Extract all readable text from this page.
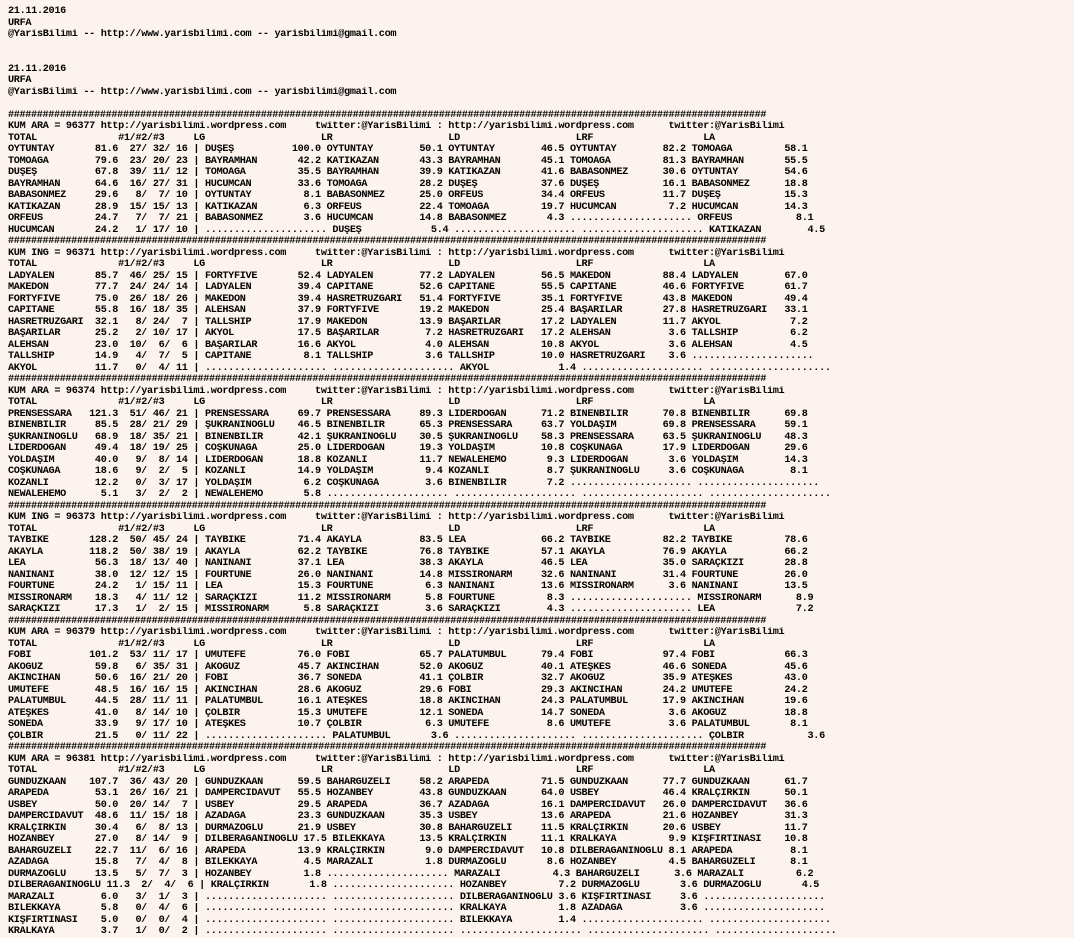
21.11.2016
URFA
@YarisBilimi -- http://www.yarisbilimi.com -- yarisbilimi@gmail.com
21.11.2016
URFA
@YarisBilimi -- http://www.yarisbilimi.com -- yarisbilimi@gmail.com
####################################################################################################################################
KUM ARA = 96377 http://yarisbilimi.wordpress.com     twitter:@YarisBilimi : http://yarisbilimi.wordpress.com      twitter:@YarisBilimi
TOTAL              #1/#2/#3     LG                    LR                    LD                    LRF                   LA
OYTUNTAY       81.6  27/ 32/ 16 | DUŞEŞ          100.0 OYTUNTAY        50.1 OYTUNTAY        46.5 OYTUNTAY        82.2 TOMOAĞA         58.1
TOMOAĞA        79.6  23/ 20/ 23 | BAYRAMHAN       42.2 KATIKAZAN       43.3 BAYRAMHAN       45.1 TOMOAĞA         81.3 BAYRAMHAN       55.5
DUŞEŞ          67.8  39/ 11/ 12 | TOMOAĞA         35.5 BAYRAMHAN       39.9 KATIKAZAN       41.6 BABASONMEZ      30.6 OYTUNTAY        54.6
BAYRAMHAN      64.6  16/ 27/ 31 | HUCUMCAN        33.6 TOMOAĞA         28.2 DUŞEŞ           37.6 DUŞEŞ           16.1 BABASONMEZ      18.8
BABASONMEZ     29.6   8/  7/ 10 | OYTUNTAY         8.1 BABASONMEZ      25.0 ORFEUS          34.4 ORFEUS          11.7 DUŞEŞ           15.3
KATIKAZAN      28.9  15/ 15/ 13 | KATIKAZAN        6.3 ORFEUS          22.4 TOMOAĞA         19.7 HUCUMCAN         7.2 HUCUMCAN        14.3
ORFEUS         24.7   7/  7/ 21 | BABASONMEZ       3.6 HUCUMCAN        14.8 BABASONMEZ       4.3 ..................... ORFEUS           8.1
HUCUMCAN       24.2   1/ 17/ 10 | ..................... DUŞEŞ            5.4 ..................... ..................... KATIKAZAN        4.5
####################################################################################################################################
KUM ING = 96371 http://yarisbilimi.wordpress.com     twitter:@YarisBilimi : http://yarisbilimi.wordpress.com      twitter:@YarisBilimi
TOTAL              #1/#2/#3     LG                    LR                    LD                    LRF                   LA
LADYALEN       85.7  46/ 25/ 15 | FORTYFIVE       52.4 LADYALEN        77.2 LADYALEN        56.5 MAKEDON         88.4 LADYALEN        67.0
MAKEDON        77.7  24/ 24/ 14 | LADYALEN        39.4 CAPITANE        52.6 CAPITANE        55.5 CAPITANE        46.6 FORTYFIVE       61.7
FORTYFIVE      75.0  26/ 18/ 26 | MAKEDON         39.4 HASRETRUZGARI   51.4 FORTYFIVE       35.1 FORTYFIVE       43.8 MAKEDON         49.4
CAPITANE       55.8  16/ 18/ 35 | ALEHSAN         37.9 FORTYFIVE       19.2 MAKEDON         25.4 BAŞARILAR       27.8 HASRETRUZGARI   33.1
HASRETRUZGARI  32.1   8/ 24/  7 | TALLSHIP        17.9 MAKEDON         13.9 BAŞARILAR       17.2 LADYALEN        11.7 AKYOL            7.2
BAŞARILAR      25.2   2/ 10/ 17 | AKYOL           17.5 BAŞARILAR        7.2 HASRETRUZGARI   17.2 ALEHSAN          3.6 TALLSHIP         6.2
ALEHSAN        23.0  10/  6/  6 | BAŞARILAR       16.6 AKYOL            4.0 ALEHSAN         10.8 AKYOL            3.6 ALEHSAN          4.5
TALLSHIP       14.9   4/  7/  5 | CAPITANE         8.1 TALLSHIP         3.6 TALLSHIP        10.0 HASRETRUZGARI    3.6 .....................
AKYOL          11.7   0/  4/ 11 | ..................... ..................... AKYOL            1.4 ..................... .....................
####################################################################################################################################
KUM ARA = 96374 http://yarisbilimi.wordpress.com     twitter:@YarisBilimi : http://yarisbilimi.wordpress.com      twitter:@YarisBilimi
TOTAL              #1/#2/#3     LG                    LR                    LD                    LRF                   LA
PRENSESSARA   121.3  51/ 46/ 21 | PRENSESSARA     69.7 PRENSESSARA     89.3 LIDERDOĞAN      71.2 BİNENBİLİR      70.8 BİNENBİLİR      69.8
BİNENBİLİR     85.5  28/ 21/ 29 | ŞUKRANINOGLU    46.5 BİNENBİLİR      65.3 PRENSESSARA     63.7 YOLDAŞIM        69.8 PRENSESSARA     59.1
ŞUKRANINOGLU   68.9  18/ 35/ 21 | BİNENBİLİR      42.1 ŞUKRANINOGLU    30.5 ŞUKRANINOGLU    58.3 PRENSESSARA     63.5 ŞUKRANINOGLU    48.3
LİDERDOĞAN     49.4  18/ 19/ 25 | COŞKUNAĞA       25.0 LİDERDOĞAN      19.3 YOLDAŞIM        10.8 COŞKUNAĞA       17.9 LİDERDOĞAN      29.6
YOLDAŞIM       40.0   9/  8/ 14 | LİDERDOĞAN      18.8 KOZANLI         11.7 NEWALEHEMO       9.3 LİDERDOĞAN       3.6 YOLDAŞIM        14.3
COŞKUNAĞA      18.6   9/  2/  5 | KOZANLI         14.9 YOLDAŞIM         9.4 KOZANLI          8.7 ŞUKRANINOGLU     3.6 COŞKUNAĞA        8.1
KOZANLI        12.2   0/  3/ 17 | YOLDAŞIM         6.2 COŞKUNAĞA        3.6 BİNENBİLİR       7.2 ..................... .....................
NEWALEHEMO      5.1   3/  2/  2 | NEWALEHEMO       5.8 ..................... ..................... ..................... .....................
####################################################################################################################################
KUM ING = 96373 http://yarisbilimi.wordpress.com     twitter:@YarisBilimi : http://yarisbilimi.wordpress.com      twitter:@YarisBilimi
TOTAL              #1/#2/#3     LG                    LR                    LD                    LRF                   LA
TAYBİKE       128.2  50/ 45/ 24 | TAYBİKE         71.4 AKAYLA          83.5 LEA             66.2 TAYBİKE         82.2 TAYBİKE         78.6
AKAYLA        118.2  50/ 38/ 19 | AKAYLA          62.2 TAYBİKE         76.8 TAYBİKE         57.1 AKAYLA          76.9 AKAYLA          66.2
LEA            56.3  18/ 13/ 40 | NANİNANİ        37.1 LEA             38.3 AKAYLA          46.5 LEA             35.0 SARAÇKIZI       28.8
NANİNANİ       38.0  12/ 12/ 15 | FOURTUNE        26.0 NANİNANİ        14.8 MISSIRONARM     32.6 NANİNANİ        31.4 FOURTUNE        26.0
FOURTUNE       24.2   1/ 15/ 11 | LEA             15.3 FOURTUNE         6.3 NANİNANİ        13.6 MISSIRONARM      3.6 NANİNANİ        13.5
MISSIRONARM    18.3   4/ 11/ 12 | SARAÇKIZI       11.2 MISSIRONARM      5.8 FOURTUNE         8.3 ..................... MISSIRONARM      8.9
SARAÇKIZI      17.3   1/  2/ 15 | MISSIRONARM      5.8 SARAÇKIZI        3.6 SARAÇKIZI        4.3 ..................... LEA              7.2
####################################################################################################################################
KUM ARA = 96379 http://yarisbilimi.wordpress.com     twitter:@YarisBilimi : http://yarisbilimi.wordpress.com      twitter:@YarisBilimi
TOTAL              #1/#2/#3     LG                    LR                    LD                    LRF                   LA
FOBİ          101.2  53/ 11/ 17 | UMUTEFE         76.0 FOBİ            65.7 PALATUMBUL      79.4 FOBİ            97.4 FOBİ            66.3
AKOĞUZ         59.8   6/ 35/ 31 | AKOĞUZ          45.7 AKINCIHAN       52.0 AKOĞUZ          40.1 ATEŞKES         46.6 SONEDA          45.6
AKINCIHAN      50.6  16/ 21/ 20 | FOBİ            36.7 SONEDA          41.1 ÇOLBİR          32.7 AKOĞUZ          35.9 ATEŞKES         43.0
UMUTEFE        48.5  16/ 16/ 15 | AKINCIHAN       28.6 AKOĞUZ          29.6 FOBİ            29.3 AKINCIHAN       24.2 UMUTEFE         24.2
PALATUMBUL     44.5  28/ 11/ 11 | PALATUMBUL      16.1 ATEŞKES         18.8 AKINCIHAN       24.3 PALATUMBUL      17.9 AKINCIHAN       19.6
ATEŞKES        41.0   8/ 14/ 10 | ÇOLBİR          15.3 UMUTEFE         12.1 SONEDA          14.7 SONEDA           3.6 AKOĞUZ          18.8
SONEDA         33.9   9/ 17/ 10 | ATEŞKES         10.7 ÇOLBİR           6.3 UMUTEFE          8.6 UMUTEFE          3.6 PALATUMBUL       8.1
ÇOLBİR         21.5   0/ 11/ 22 | ..................... PALATUMBUL       3.6 ..................... ..................... ÇOLBİR           3.6
####################################################################################################################################
KUM ARA = 96381 http://yarisbilimi.wordpress.com     twitter:@YarisBilimi : http://yarisbilimi.wordpress.com      twitter:@YarisBilimi
TOTAL              #1/#2/#3     LG                    LR                    LD                    LRF                   LA
GUNDUZKAAN    107.7  36/ 43/ 20 | GUNDUZKAAN      59.5 BAHARGÜZELİ     58.2 ARAPEDA         71.5 GUNDUZKAAN      77.7 GUNDUZKAAN      61.7
ARAPEDA        53.1  26/ 16/ 21 | DAMPERCİDAVUT   55.5 HOZANBEY        43.8 GUNDUZKAAN      64.0 USBEY           46.4 KRALÇİRKİN      50.1
USBEY          50.0  20/ 14/  7 | USBEY           29.5 ARAPEDA         36.7 AZADAĞA         16.1 DAMPERCİDAVUT   26.0 DAMPERCİDAVUT   36.6
DAMPERCİDAVUT  48.6  11/ 15/ 18 | AZADAĞA         23.3 GUNDUZKAAN      35.3 USBEY           13.6 ARAPEDA         21.6 HOZANBEY        31.3
KRALÇİRKİN     30.4   6/  8/ 13 | DURMAZOĞLU      21.9 USBEY           30.8 BAHARGÜZELİ     11.5 KRALÇİRKİN      20.6 USBEY           11.7
HOZANBEY       27.0   8/ 14/  9 | DİLBERAGANINOĞLU 17.5 BİLEKKAYA      13.5 KRALÇİRKİN      11.1 KRALKAYA         9.9 KIŞFIRTINASI    10.8
BAHARGÜZELİ    22.7  11/  6/ 16 | ARAPEDA         13.9 KRALÇİRKİN       9.0 DAMPERCİDAVUT   10.8 DİLBERAGANINOĞLU 8.1 ARAPEDA          8.1
AZADAĞA        15.8   7/  4/  8 | BİLEKKAYA        4.5 MARAZALİ         1.8 DURMAZOĞLU       8.6 HOZANBEY         4.5 BAHARGÜZELİ      8.1
DURMAZOĞLU     13.5   5/  7/  3 | HOZANBEY         1.8 ..................... MARAZALİ         4.3 BAHARGÜZELİ      3.6 MARAZALİ         6.2
DİLBERAGANINOĞLU 11.3  2/  4/  6 | KRALÇİRKİN       1.8 ..................... HOZANBEY         7.2 DURMAZOĞLU       3.6 DURMAZOĞLU       4.5
MARAZALİ        6.0   3/  1/  3 | ..................... ..................... DİLBERAGANINOĞLU 3.6 KIŞFIRTINASI     3.6 .....................
BİLEKKAYA       5.8   0/  4/  6 | ..................... ..................... KRALKAYA         1.8 AZADAĞA          3.6 .....................
KIŞFIRTINASI    5.0   0/  0/  4 | ..................... ..................... BİLEKKAYA        1.4 ..................... .....................
KRALKAYA        3.7   1/  0/  2 | ..................... ..................... ..................... ..................... .....................
